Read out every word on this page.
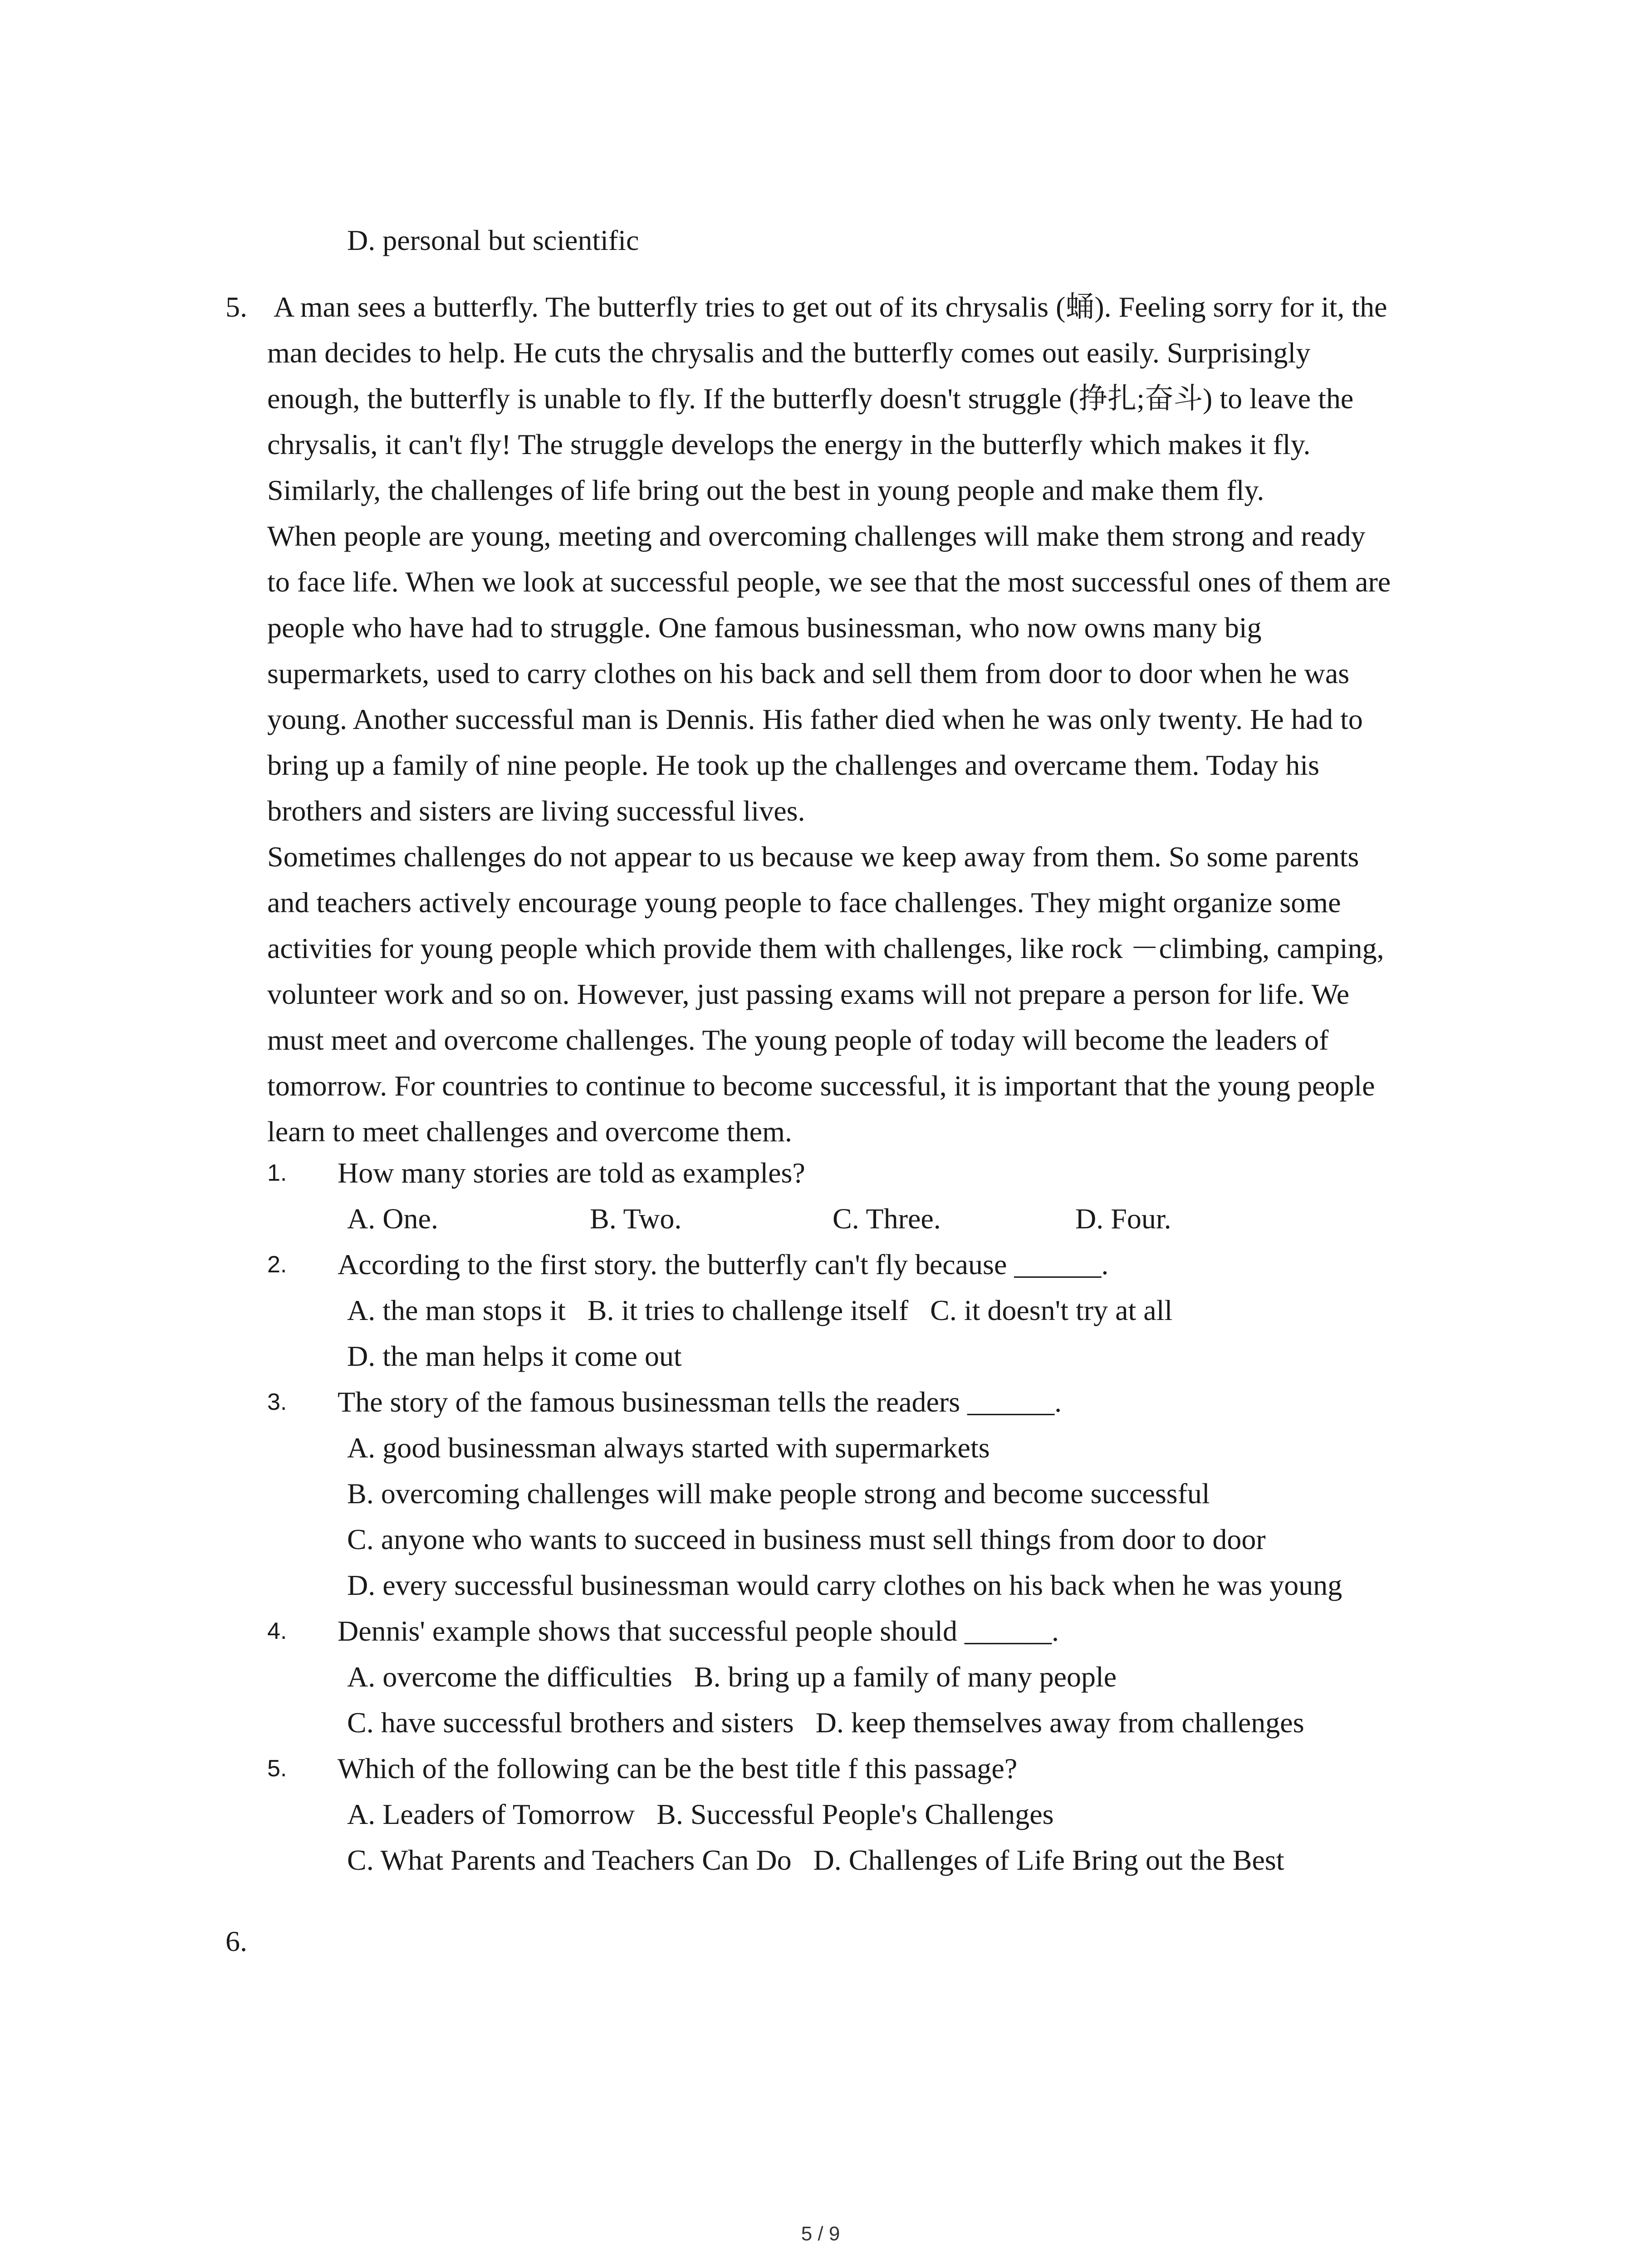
D. personal but scientific
5. A man sees a butterfly. The butterfly tries to get out of its chrysalis (蛹). Feeling sorry for it, the
man decides to help. He cuts the chrysalis and the butterfly comes out easily. Surprisingly
enough, the butterfly is unable to fly. If the butterfly doesn't struggle (挣扎;奋斗) to leave the
chrysalis, it can't fly! The struggle develops the energy in the butterfly which makes it fly.
Similarly, the challenges of life bring out the best in young people and make them fly.
When people are young, meeting and overcoming challenges will make them strong and ready
to face life. When we look at successful people, we see that the most successful ones of them are
people who have had to struggle. One famous businessman, who now owns many big
supermarkets, used to carry clothes on his back and sell them from door to door when he was
young. Another successful man is Dennis. His father died when he was only twenty. He had to
bring up a family of nine people. He took up the challenges and overcame them. Today his
brothers and sisters are living successful lives.
Sometimes challenges do not appear to us because we keep away from them. So some parents
and teachers actively encourage young people to face challenges. They might organize some
activities for young people which provide them with challenges, like rock －climbing, camping,
volunteer work and so on. However, just passing exams will not prepare a person for life. We
must meet and overcome challenges. The young people of today will become the leaders of
tomorrow. For countries to continue to become successful, it is important that the young people
learn to meet challenges and overcome them.
1. How many stories are told as examples?
A. One.	B. Two.	C. Three.	D. Four.
2. According to the first story. the butterfly can't fly because ______.
A. the man stops it   B. it tries to challenge itself   C. it doesn't try at all
D. the man helps it come out
3. The story of the famous businessman tells the readers ______.
A. good businessman always started with supermarkets
B. overcoming challenges will make people strong and become successful
C. anyone who wants to succeed in business must sell things from door to door
D. every successful businessman would carry clothes on his back when he was young
4. Dennis' example shows that successful people should ______.
A. overcome the difficulties   B. bring up a family of many people
C. have successful brothers and sisters   D. keep themselves away from challenges
5. Which of the following can be the best title f this passage?
A. Leaders of Tomorrow   B. Successful People's Challenges
C. What Parents and Teachers Can Do   D. Challenges of Life Bring out the Best
6.
5 / 9
